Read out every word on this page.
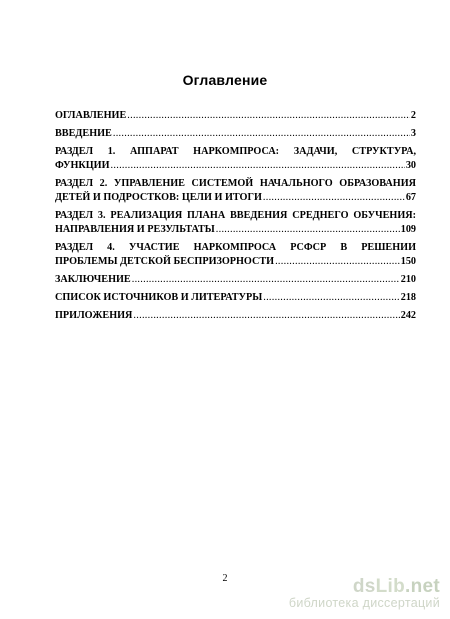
Оглавление
ОГЛАВЛЕНИЕ .....	2
ВВЕДЕНИЕ .....	3
РАЗДЕЛ 1. АППАРАТ НАРКОМПРОСА: ЗАДАЧИ, СТРУКТУРА,
ФУНКЦИИ .....	30
РАЗДЕЛ 2. УПРАВЛЕНИЕ СИСТЕМОЙ НАЧАЛЬНОГО ОБРАЗОВАНИЯ
ДЕТЕЙ И ПОДРОСТКОВ: ЦЕЛИ И ИТОГИ .....	67
РАЗДЕЛ 3. РЕАЛИЗАЦИЯ ПЛАНА ВВЕДЕНИЯ СРЕДНЕГО ОБУЧЕНИЯ:
НАПРАВЛЕНИЯ И РЕЗУЛЬТАТЫ .....	109
РАЗДЕЛ 4. УЧАСТИЕ НАРКОМПРОСА РСФСР В РЕШЕНИИ
ПРОБЛЕМЫ ДЕТСКОЙ БЕСПРИЗОРНОСТИ .....	150
ЗАКЛЮЧЕНИЕ .....	210
СПИСОК ИСТОЧНИКОВ И ЛИТЕРАТУРЫ .....	218
ПРИЛОЖЕНИЯ .....	242
2	dsLib.net
библиотека диссертаций
